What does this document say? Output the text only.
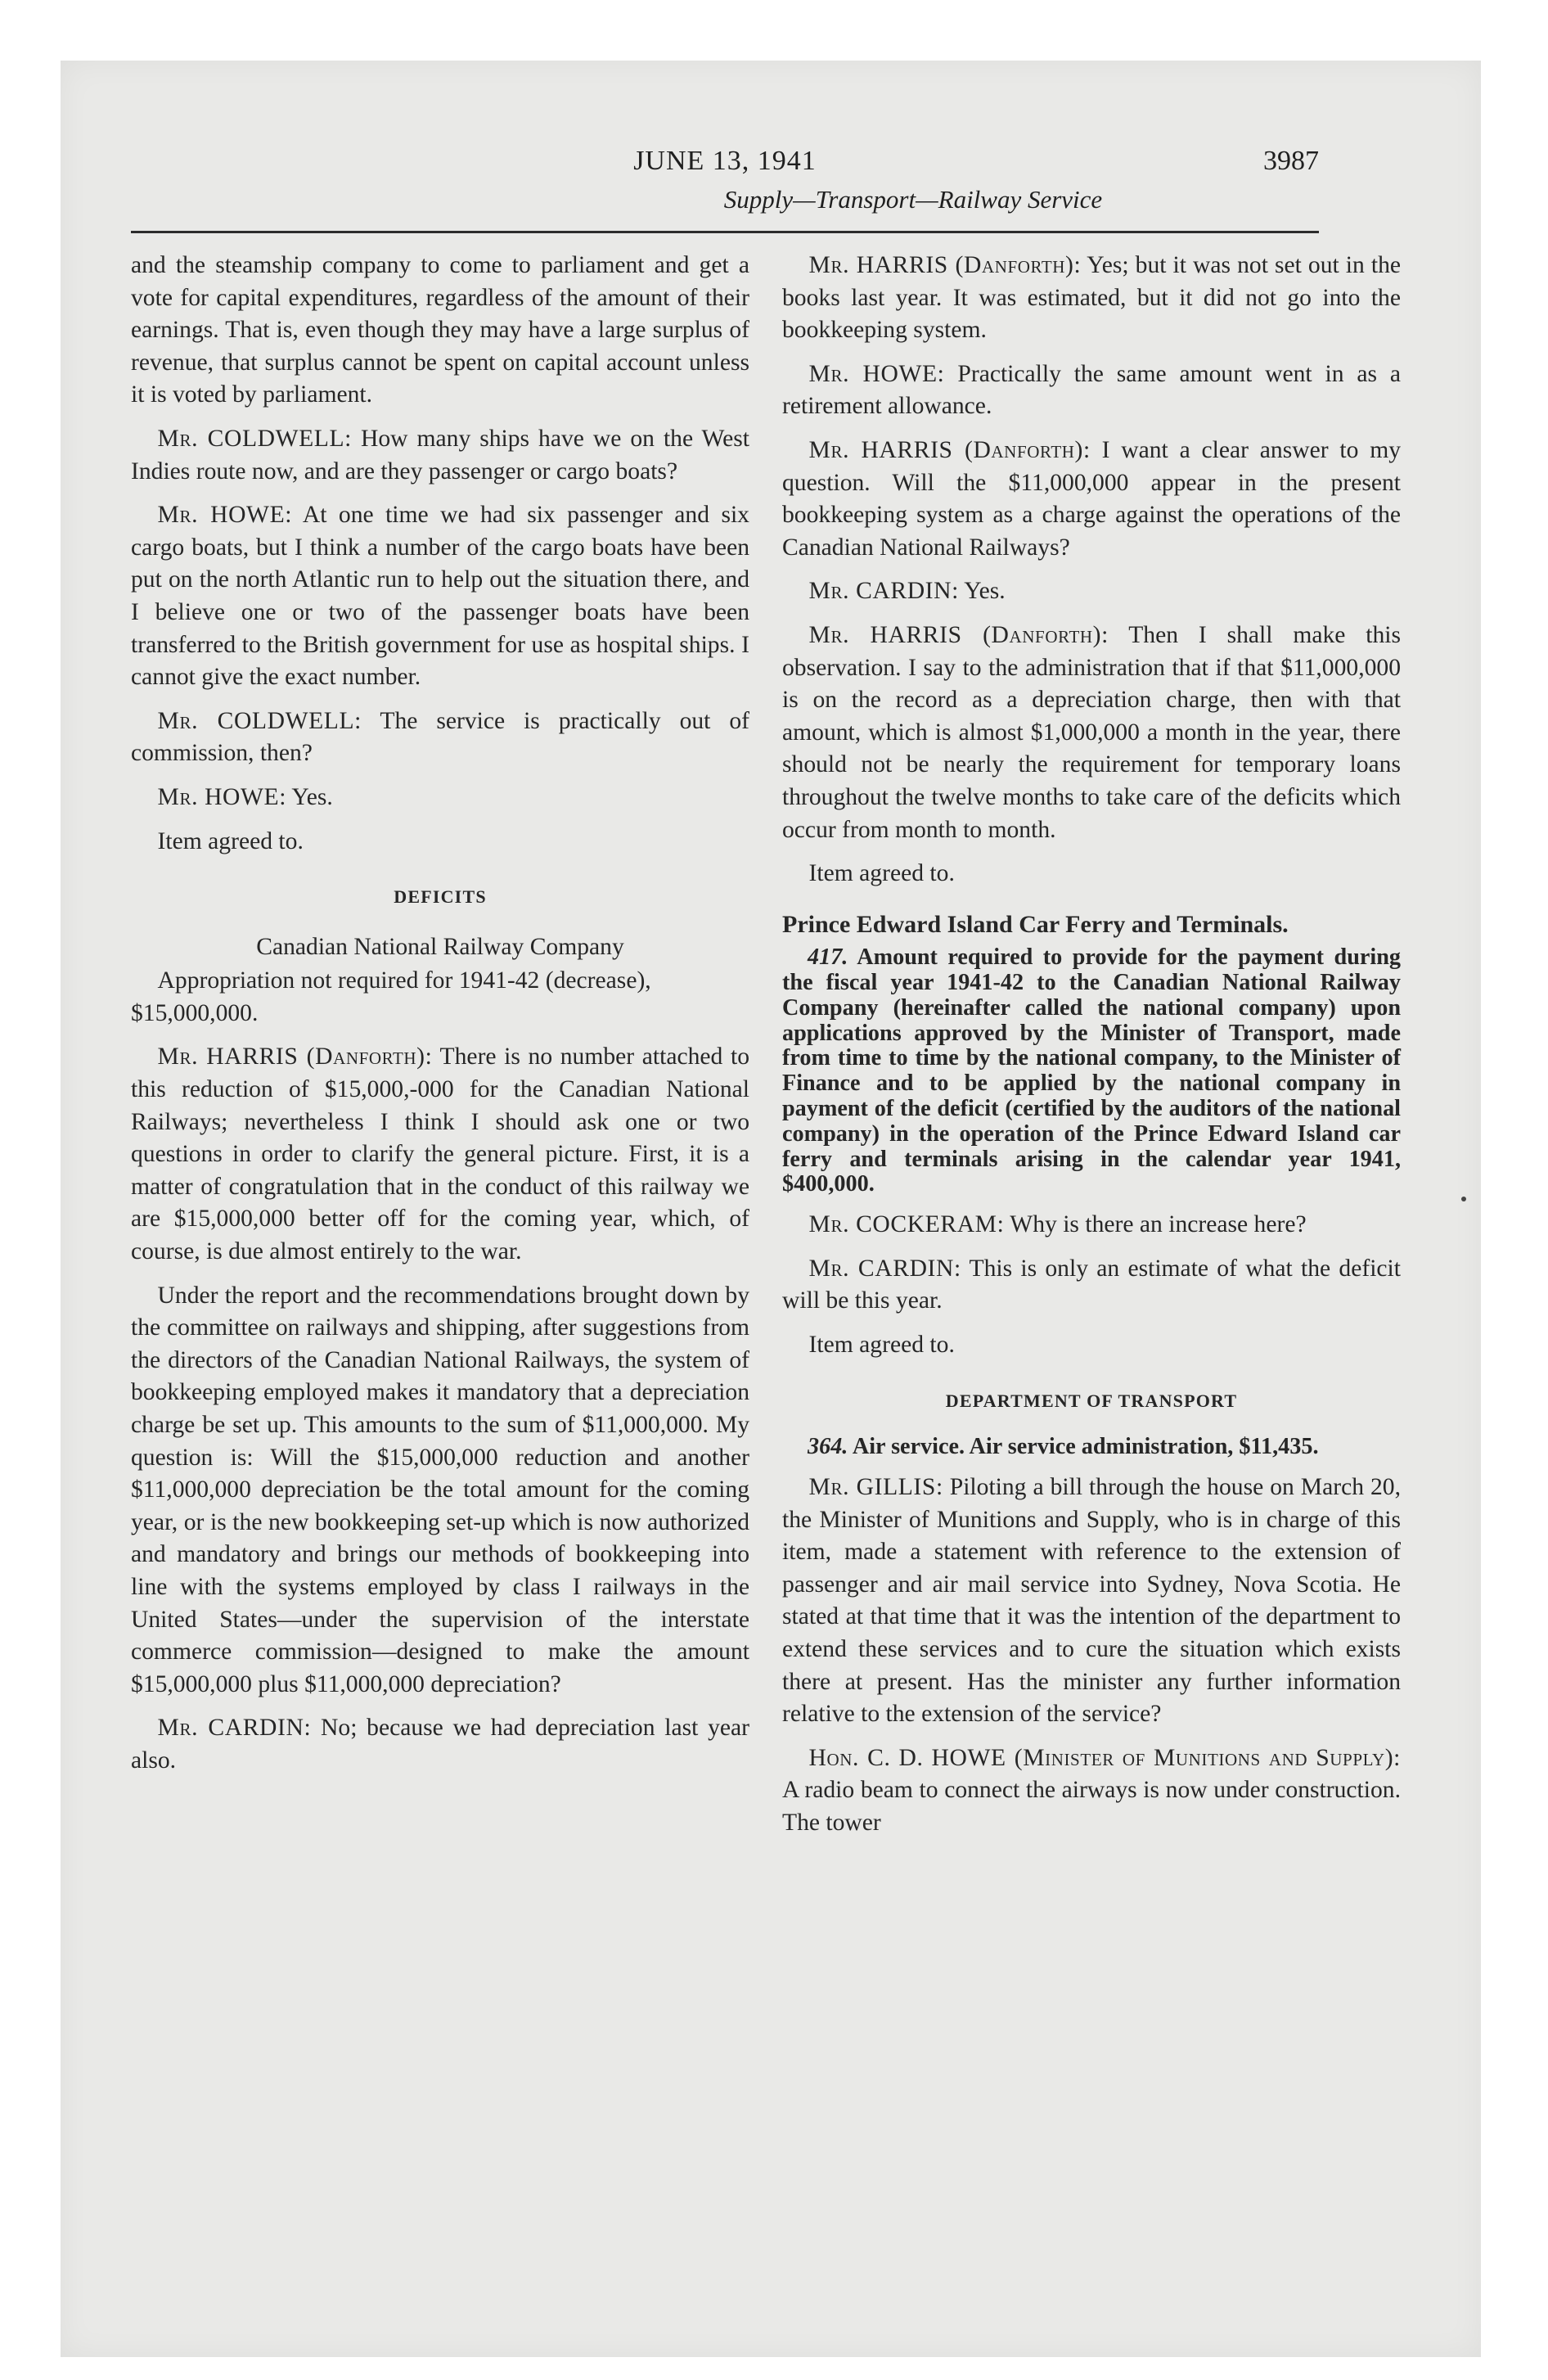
JUNE 13, 1941	3987
Supply—Transport—Railway Service

and the steamship company to come to parliament and get a vote for capital expenditures, regardless of the amount of their earnings. That is, even though they may have a large surplus of revenue, that surplus cannot be spent on capital account unless it is voted by parliament.

Mr. COLDWELL: How many ships have we on the West Indies route now, and are they passenger or cargo boats?

Mr. HOWE: At one time we had six passenger and six cargo boats, but I think a number of the cargo boats have been put on the north Atlantic run to help out the situation there, and I believe one or two of the passenger boats have been transferred to the British government for use as hospital ships. I cannot give the exact number.

Mr. COLDWELL: The service is practically out of commission, then?

Mr. HOWE: Yes.

Item agreed to.

DEFICITS

Canadian National Railway Company

Appropriation not required for 1941-42 (decrease), $15,000,000.

Mr. HARRIS (Danforth): There is no number attached to this reduction of $15,000,-000 for the Canadian National Railways; nevertheless I think I should ask one or two questions in order to clarify the general picture. First, it is a matter of congratulation that in the conduct of this railway we are $15,000,000 better off for the coming year, which, of course, is due almost entirely to the war.

Under the report and the recommendations brought down by the committee on railways and shipping, after suggestions from the directors of the Canadian National Railways, the system of bookkeeping employed makes it mandatory that a depreciation charge be set up. This amounts to the sum of $11,000,000. My question is: Will the $15,000,000 reduction and another $11,000,000 depreciation be the total amount for the coming year, or is the new bookkeeping set-up which is now authorized and mandatory and brings our methods of bookkeeping into line with the systems employed by class I railways in the United States—under the supervision of the interstate commerce commission—designed to make the amount $15,000,000 plus $11,000,000 depreciation?

Mr. CARDIN: No; because we had depreciation last year also.

Mr. HARRIS (Danforth): Yes; but it was not set out in the books last year. It was estimated, but it did not go into the bookkeeping system.

Mr. HOWE: Practically the same amount went in as a retirement allowance.

Mr. HARRIS (Danforth): I want a clear answer to my question. Will the $11,000,000 appear in the present bookkeeping system as a charge against the operations of the Canadian National Railways?

Mr. CARDIN: Yes.

Mr. HARRIS (Danforth): Then I shall make this observation. I say to the administration that if that $11,000,000 is on the record as a depreciation charge, then with that amount, which is almost $1,000,000 a month in the year, there should not be nearly the requirement for temporary loans throughout the twelve months to take care of the deficits which occur from month to month.

Item agreed to.

Prince Edward Island Car Ferry and Terminals.

417. Amount required to provide for the payment during the fiscal year 1941-42 to the Canadian National Railway Company (hereinafter called the national company) upon applications approved by the Minister of Transport, made from time to time by the national company, to the Minister of Finance and to be applied by the national company in payment of the deficit (certified by the auditors of the national company) in the operation of the Prince Edward Island car ferry and terminals arising in the calendar year 1941, $400,000.

Mr. COCKERAM: Why is there an increase here?

Mr. CARDIN: This is only an estimate of what the deficit will be this year.

Item agreed to.

DEPARTMENT OF TRANSPORT

364. Air service. Air service administration, $11,435.

Mr. GILLIS: Piloting a bill through the house on March 20, the Minister of Munitions and Supply, who is in charge of this item, made a statement with reference to the extension of passenger and air mail service into Sydney, Nova Scotia. He stated at that time that it was the intention of the department to extend these services and to cure the situation which exists there at present. Has the minister any further information relative to the extension of the service?

Hon. C. D. HOWE (Minister of Munitions and Supply): A radio beam to connect the airways is now under construction. The tower
